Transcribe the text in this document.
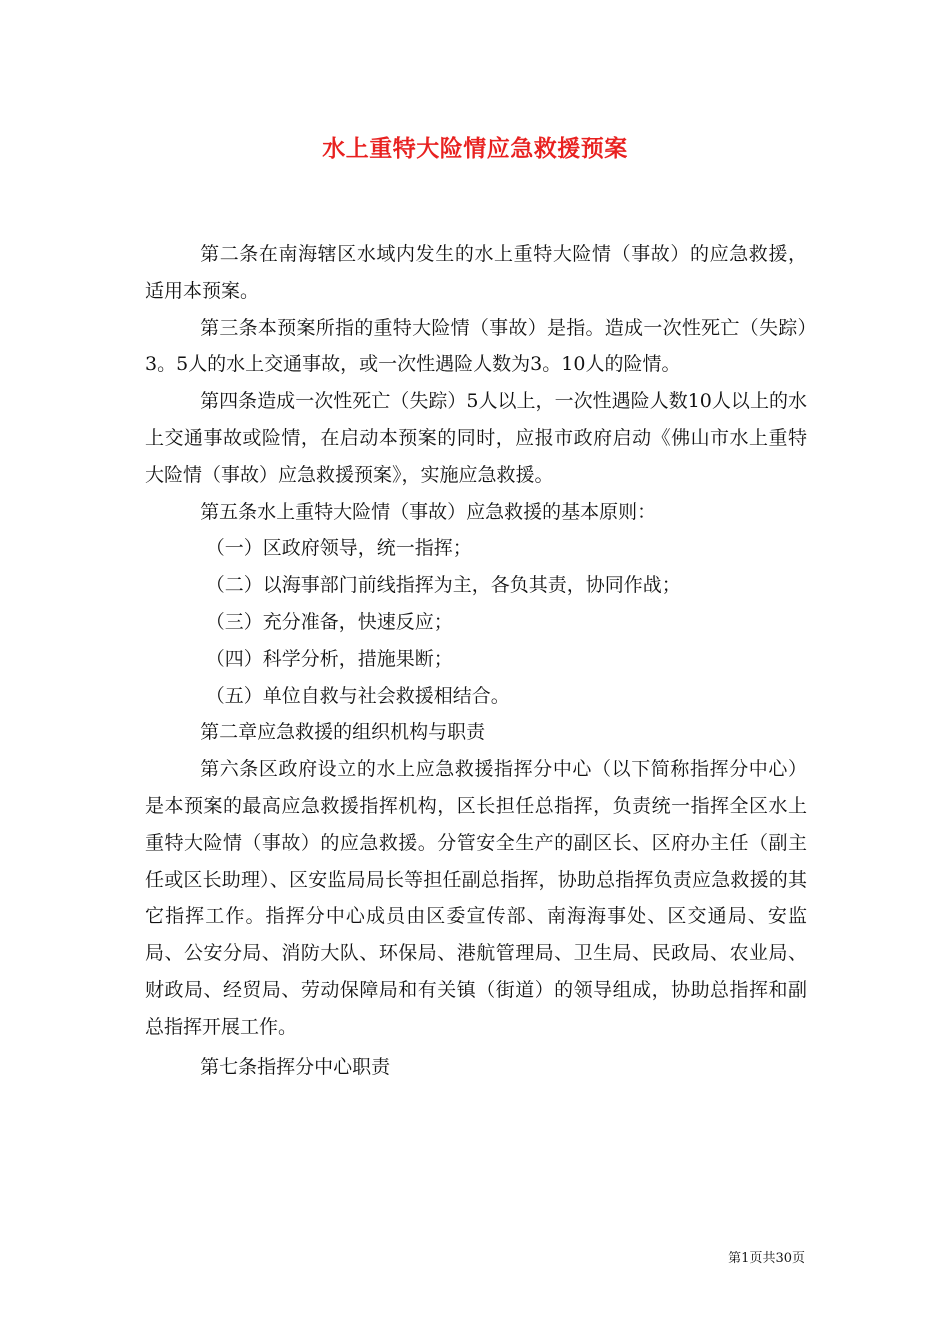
水上重特大险情应急救援预案

第二条在南海辖区水域内发生的水上重特大险情（事故）的应急救援，适用本预案。

第三条本预案所指的重特大险情（事故）是指。造成一次性死亡（失踪）3。5人的水上交通事故，或一次性遇险人数为3。10人的险情。

第四条造成一次性死亡（失踪）5人以上，一次性遇险人数10人以上的水上交通事故或险情，在启动本预案的同时，应报市政府启动《佛山市水上重特大险情（事故）应急救援预案》，实施应急救援。

第五条水上重特大险情（事故）应急救援的基本原则：

（一）区政府领导，统一指挥；

（二）以海事部门前线指挥为主，各负其责，协同作战；

（三）充分准备，快速反应；

（四）科学分析，措施果断；

（五）单位自救与社会救援相结合。

第二章应急救援的组织机构与职责

第六条区政府设立的水上应急救援指挥分中心（以下简称指挥分中心）是本预案的最高应急救援指挥机构，区长担任总指挥，负责统一指挥全区水上重特大险情（事故）的应急救援。分管安全生产的副区长、区府办主任（副主任或区长助理）、区安监局局长等担任副总指挥，协助总指挥负责应急救援的其它指挥工作。指挥分中心成员由区委宣传部、南海海事处、区交通局、安监局、公安分局、消防大队、环保局、港航管理局、卫生局、民政局、农业局、财政局、经贸局、劳动保障局和有关镇（街道）的领导组成，协助总指挥和副总指挥开展工作。

第七条指挥分中心职责

第1页共30页
